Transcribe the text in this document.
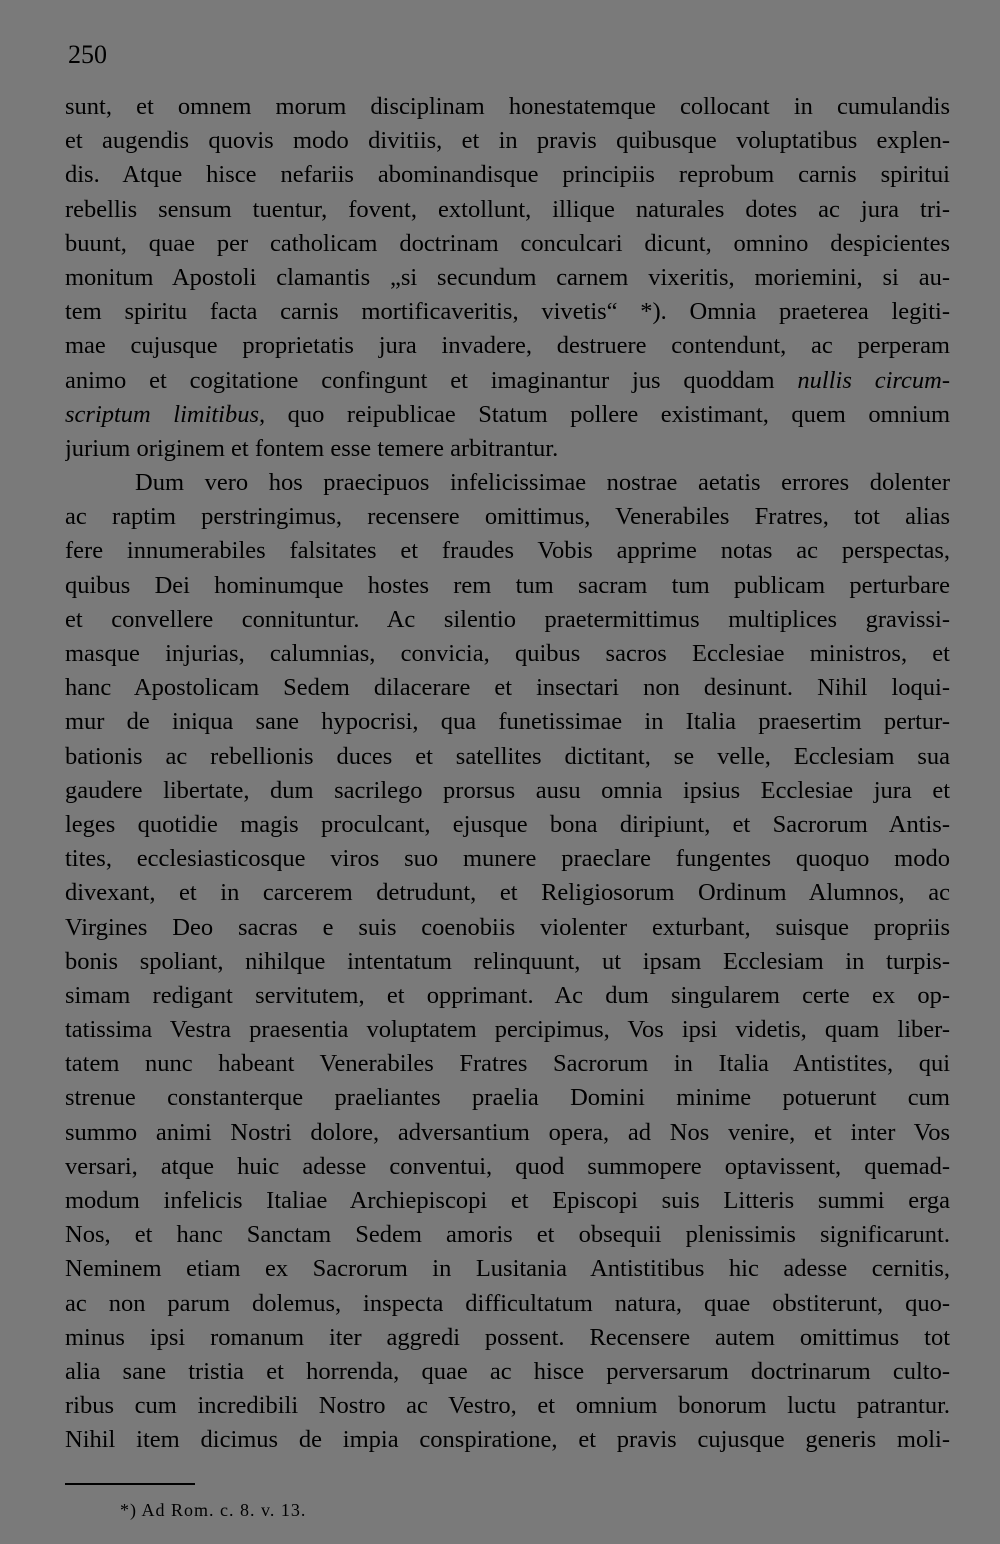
250
sunt, et omnem morum disciplinam honestatemque collocant in cumulandis
et augendis quovis modo divitiis, et in pravis quibusque voluptatibus explen-
dis. Atque hisce nefariis abominandisque principiis reprobum carnis spiritui
rebellis sensum tuentur, fovent, extollunt, illique naturales dotes ac jura tri-
buunt, quae per catholicam doctrinam conculcari dicunt, omnino despicientes
monitum Apostoli clamantis „si secundum carnem vixeritis, moriemini, si au-
tem spiritu facta carnis mortificaveritis, vivetis“ *). Omnia praeterea legiti-
mae cujusque proprietatis jura invadere, destruere contendunt, ac perperam
animo et cogitatione confingunt et imaginantur jus quoddam nullis circum-
scriptum limitibus, quo reipublicae Statum pollere existimant, quem omnium
jurium originem et fontem esse temere arbitrantur.
Dum vero hos praecipuos infelicissimae nostrae aetatis errores dolenter
ac raptim perstringimus, recensere omittimus, Venerabiles Fratres, tot alias
fere innumerabiles falsitates et fraudes Vobis apprime notas ac perspectas,
quibus Dei hominumque hostes rem tum sacram tum publicam perturbare
et convellere connituntur. Ac silentio praetermittimus multiplices gravissi-
masque injurias, calumnias, convicia, quibus sacros Ecclesiae ministros, et
hanc Apostolicam Sedem dilacerare et insectari non desinunt. Nihil loqui-
mur de iniqua sane hypocrisi, qua funetissimae in Italia praesertim pertur-
bationis ac rebellionis duces et satellites dictitant, se velle, Ecclesiam sua
gaudere libertate, dum sacrilego prorsus ausu omnia ipsius Ecclesiae jura et
leges quotidie magis proculcant, ejusque bona diripiunt, et Sacrorum Antis-
tites, ecclesiasticosque viros suo munere praeclare fungentes quoquo modo
divexant, et in carcerem detrudunt, et Religiosorum Ordinum Alumnos, ac
Virgines Deo sacras e suis coenobiis violenter exturbant, suisque propriis
bonis spoliant, nihilque intentatum relinquunt, ut ipsam Ecclesiam in turpis-
simam redigant servitutem, et opprimant. Ac dum singularem certe ex op-
tatissima Vestra praesentia voluptatem percipimus, Vos ipsi videtis, quam liber-
tatem nunc habeant Venerabiles Fratres Sacrorum in Italia Antistites, qui
strenue constanterque praeliantes praelia Domini minime potuerunt cum
summo animi Nostri dolore, adversantium opera, ad Nos venire, et inter Vos
versari, atque huic adesse conventui, quod summopere optavissent, quemad-
modum infelicis Italiae Archiepiscopi et Episcopi suis Litteris summi erga
Nos, et hanc Sanctam Sedem amoris et obsequii plenissimis significarunt.
Neminem etiam ex Sacrorum in Lusitania Antistitibus hic adesse cernitis,
ac non parum dolemus, inspecta difficultatum natura, quae obstiterunt, quo-
minus ipsi romanum iter aggredi possent. Recensere autem omittimus tot
alia sane tristia et horrenda, quae ac hisce perversarum doctrinarum culto-
ribus cum incredibili Nostro ac Vestro, et omnium bonorum luctu patrantur.
Nihil item dicimus de impia conspiratione, et pravis cujusque generis moli-
*) Ad Rom. c. 8. v. 13.
